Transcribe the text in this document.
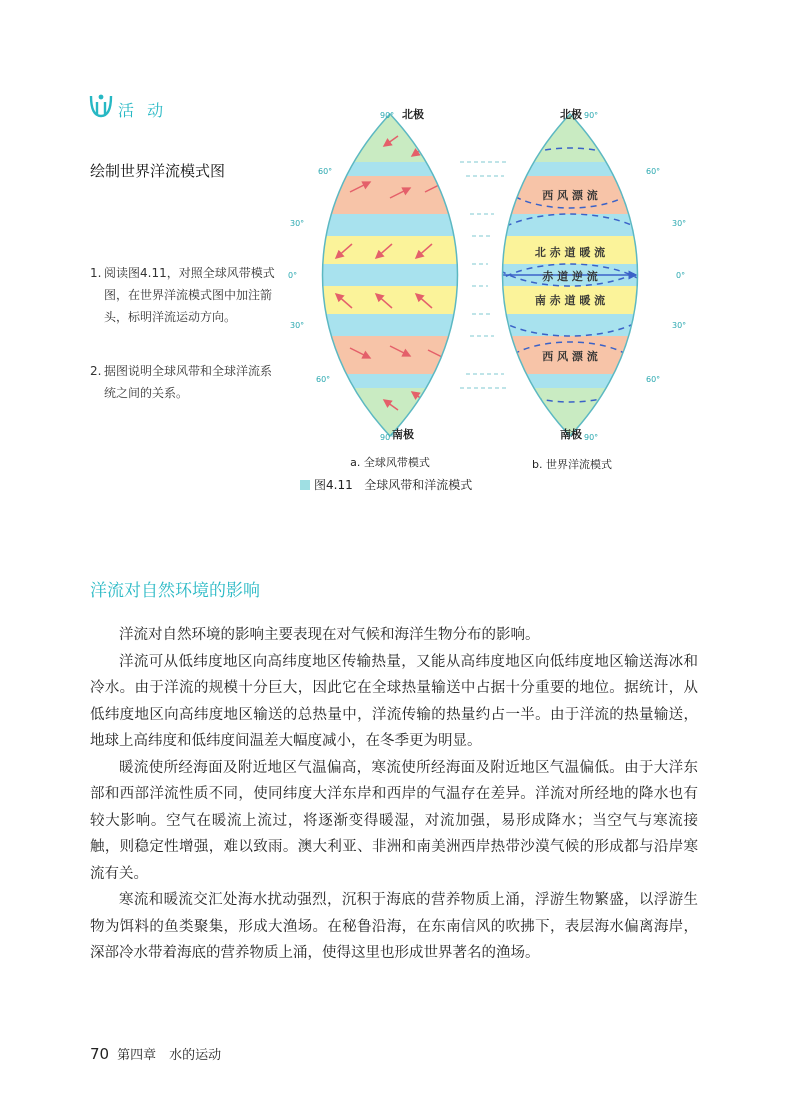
活 动
绘制世界洋流模式图
1. 阅读图4.11，对照全球风带模式图，在世界洋流模式图中加注箭头，标明洋流运动方向。
2. 据图说明全球风带和全球洋流系统之间的关系。
北极
南极
北极
南极
90°
60°
30°
0°
30°
60°
90°
90°
60°
30°
0°
30°
60°
90°
西 风 漂 流
北 赤 道 暖 流
赤 道 逆 流
南 赤 道 暖 流
西 风 漂 流
a. 全球风带模式	b. 世界洋流模式
图4.11 全球风带和洋流模式
洋流对自然环境的影响

洋流对自然环境的影响主要表现在对气候和海洋生物分布的影响。

洋流可从低纬度地区向高纬度地区传输热量，又能从高纬度地区向低纬度地区输送海冰和冷水。由于洋流的规模十分巨大，因此它在全球热量输送中占据十分重要的地位。据统计，从低纬度地区向高纬度地区输送的总热量中，洋流传输的热量约占一半。由于洋流的热量输送，地球上高纬度和低纬度间温差大幅度减小，在冬季更为明显。

暖流使所经海面及附近地区气温偏高，寒流使所经海面及附近地区气温偏低。由于大洋东部和西部洋流性质不同，使同纬度大洋东岸和西岸的气温存在差异。洋流对所经地的降水也有较大影响。空气在暖流上流过，将逐渐变得暖湿，对流加强，易形成降水；当空气与寒流接触，则稳定性增强，难以致雨。澳大利亚、非洲和南美洲西岸热带沙漠气候的形成都与沿岸寒流有关。

寒流和暖流交汇处海水扰动强烈，沉积于海底的营养物质上涌，浮游生物繁盛，以浮游生物为饵料的鱼类聚集，形成大渔场。在秘鲁沿海，在东南信风的吹拂下，表层海水偏离海岸，深部冷水带着海底的营养物质上涌，使得这里也形成世界著名的渔场。

70 第四章　水的运动
